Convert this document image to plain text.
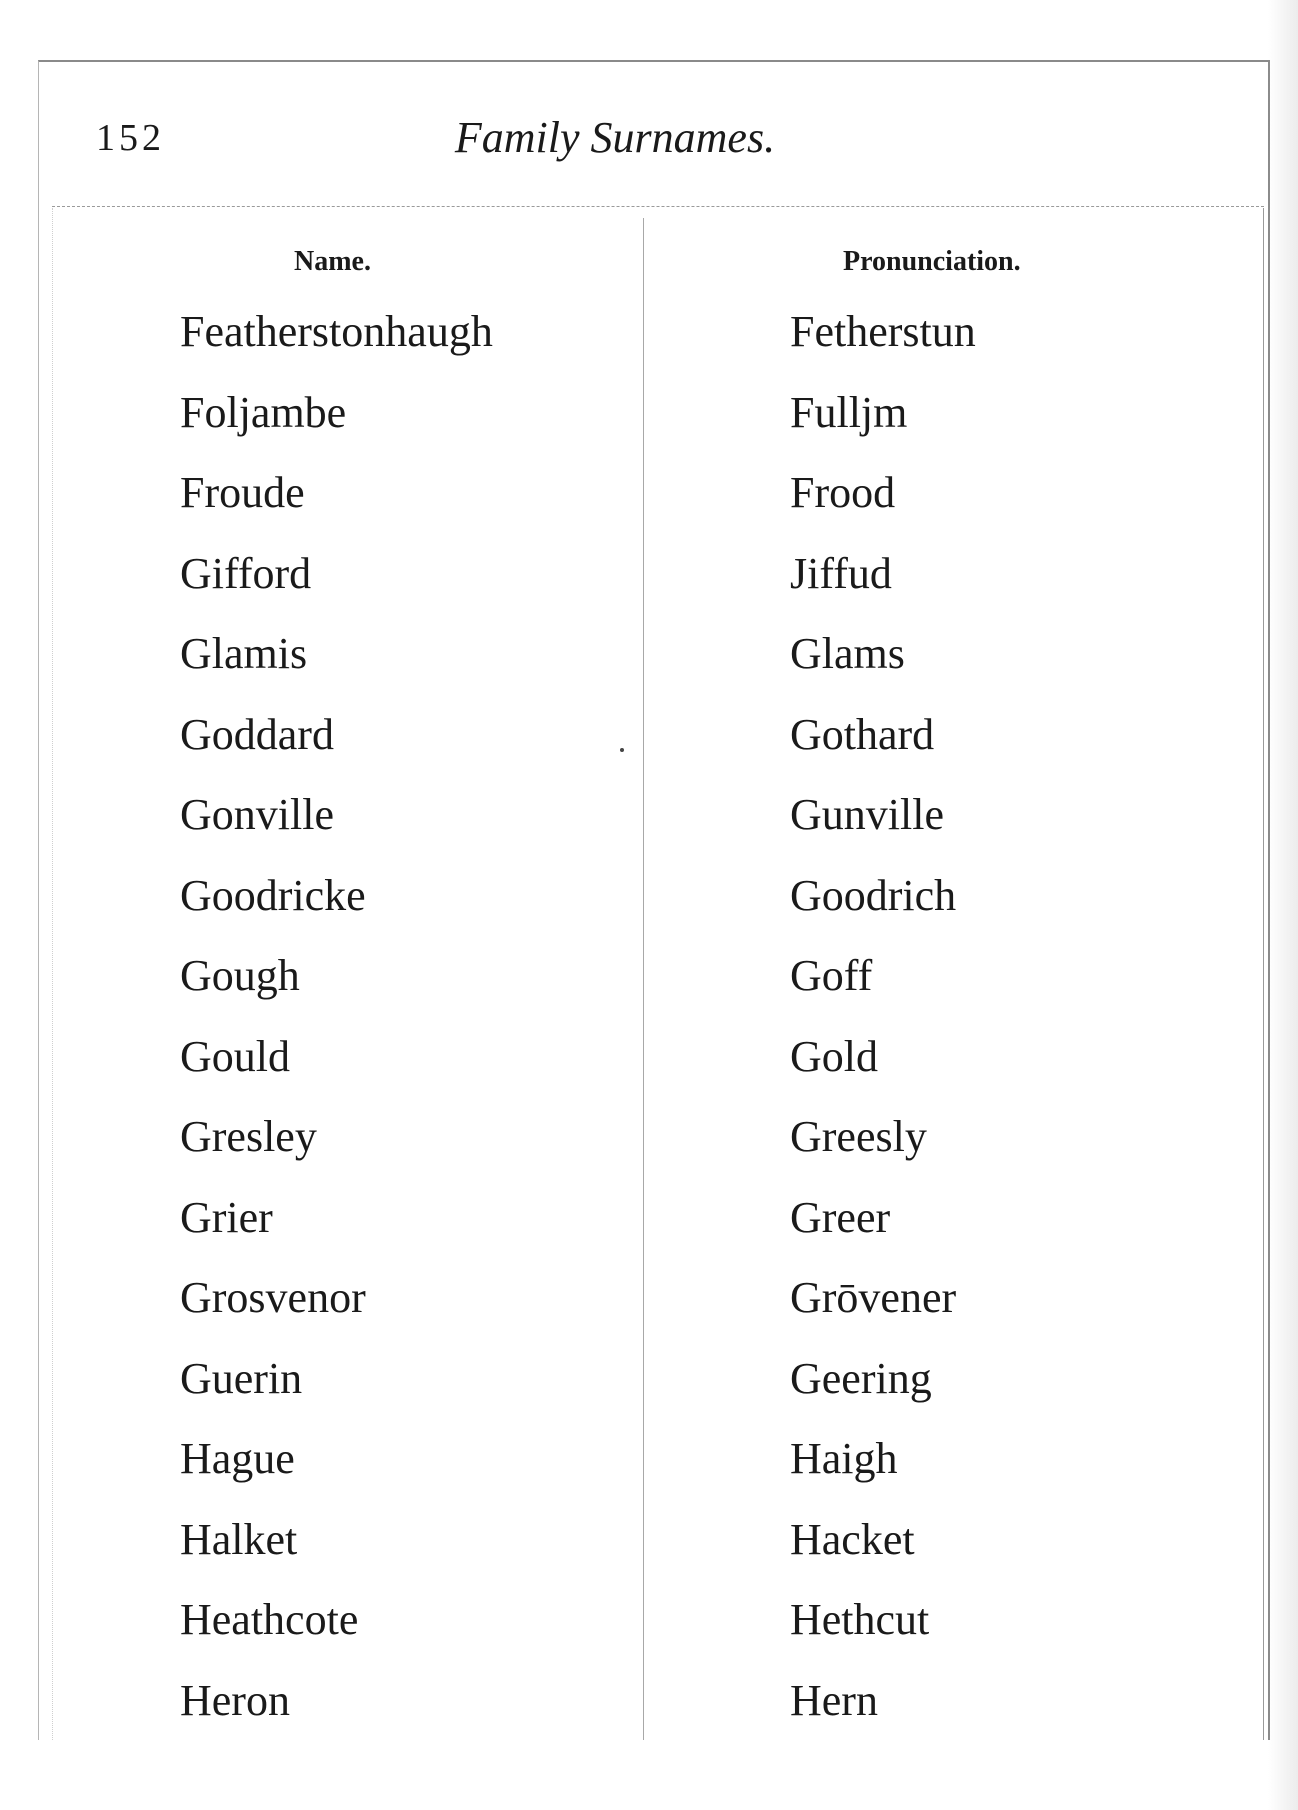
152	Family Surnames.
Name.	Pronunciation.
Featherstonhaugh	Fetherstun
Foljambe	Fulljm
Froude	Frood
Gifford	Jiffud
Glamis	Glams
Goddard	Gothard
Gonville	Gunville
Goodricke	Goodrich
Gough	Goff
Gould	Gold
Gresley	Greesly
Grier	Greer
Grosvenor	Grōvener
Guerin	Geering
Hague	Haigh
Halket	Hacket
Heathcote	Hethcut
Heron	Hern
